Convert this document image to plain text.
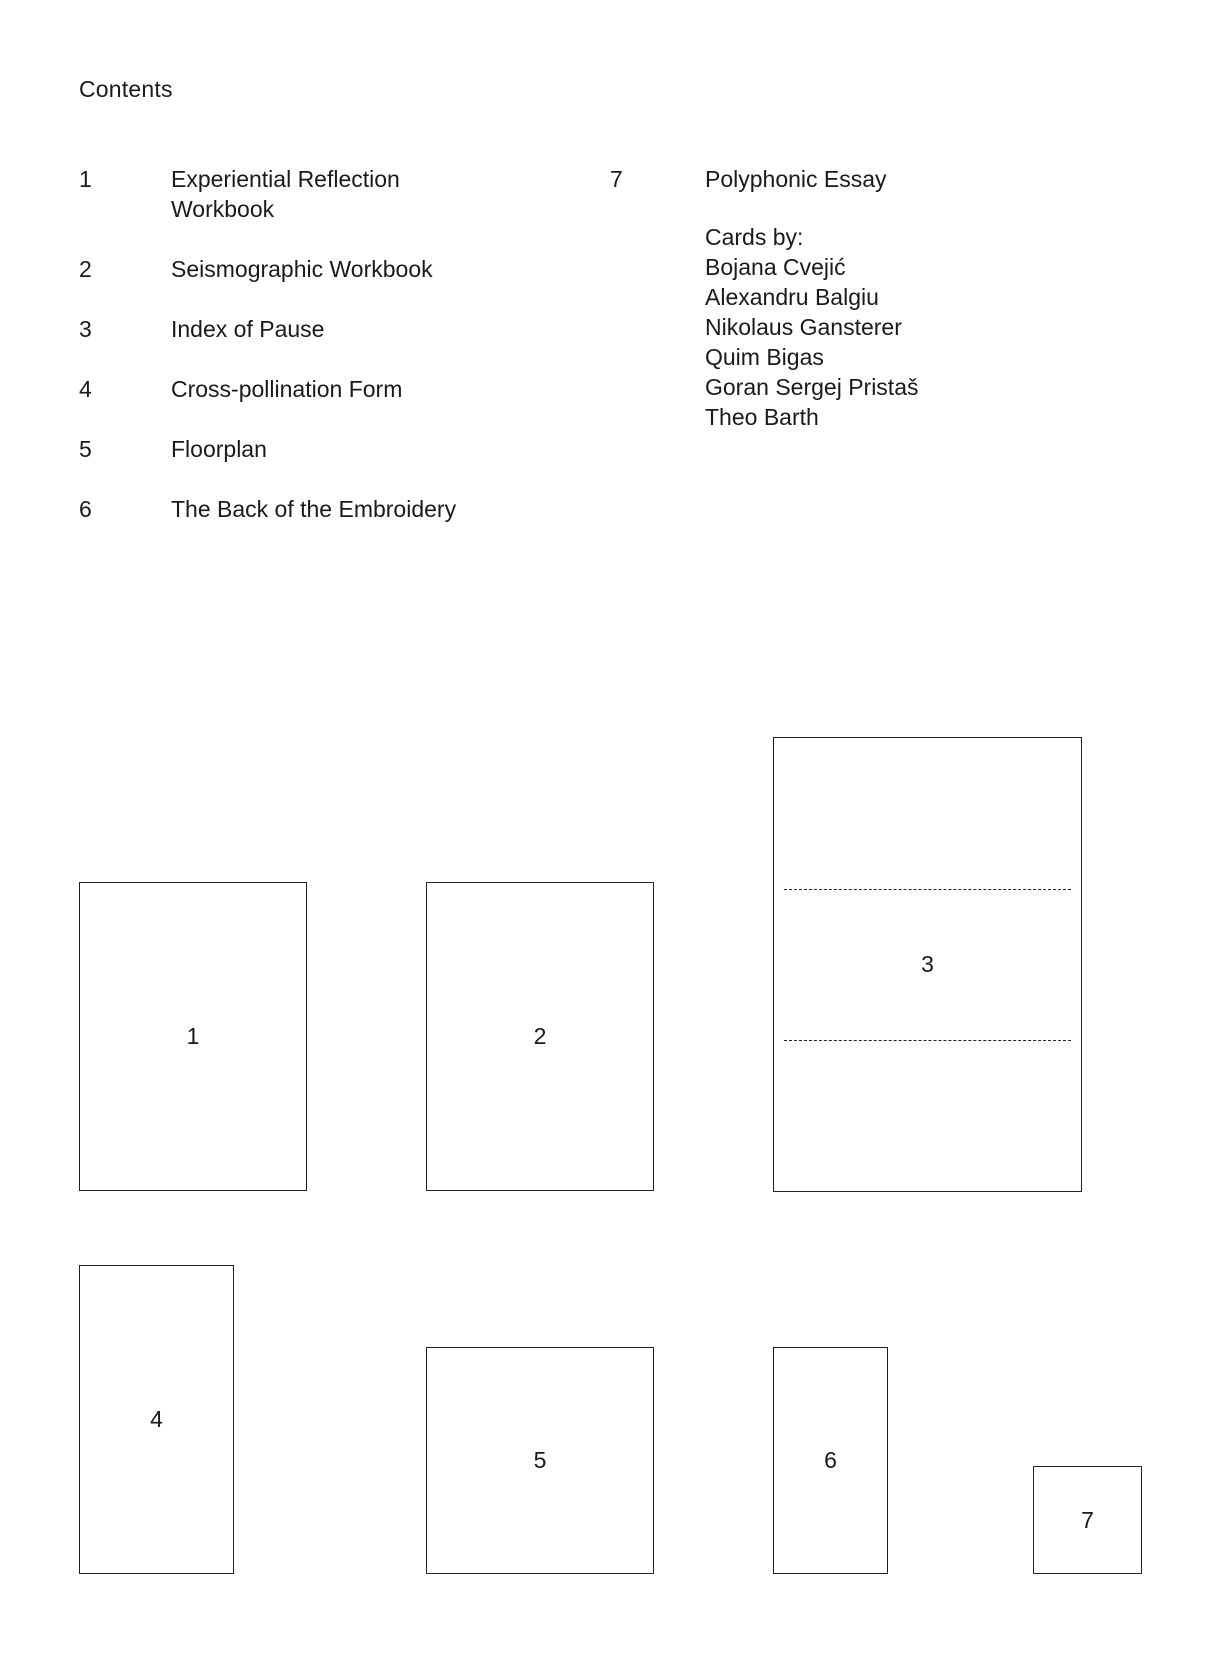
Contents
1	Experiential Reflection Workbook
2	Seismographic Workbook
3	Index of Pause
4	Cross-pollination Form
5	Floorplan
6	The Back of the Embroidery
7	Polyphonic Essay
Cards by:
Bojana Cvejić
Alexandru Balgiu
Nikolaus Gansterer
Quim Bigas
Goran Sergej Pristaš
Theo Barth
1	2
3
4
5	6
7
